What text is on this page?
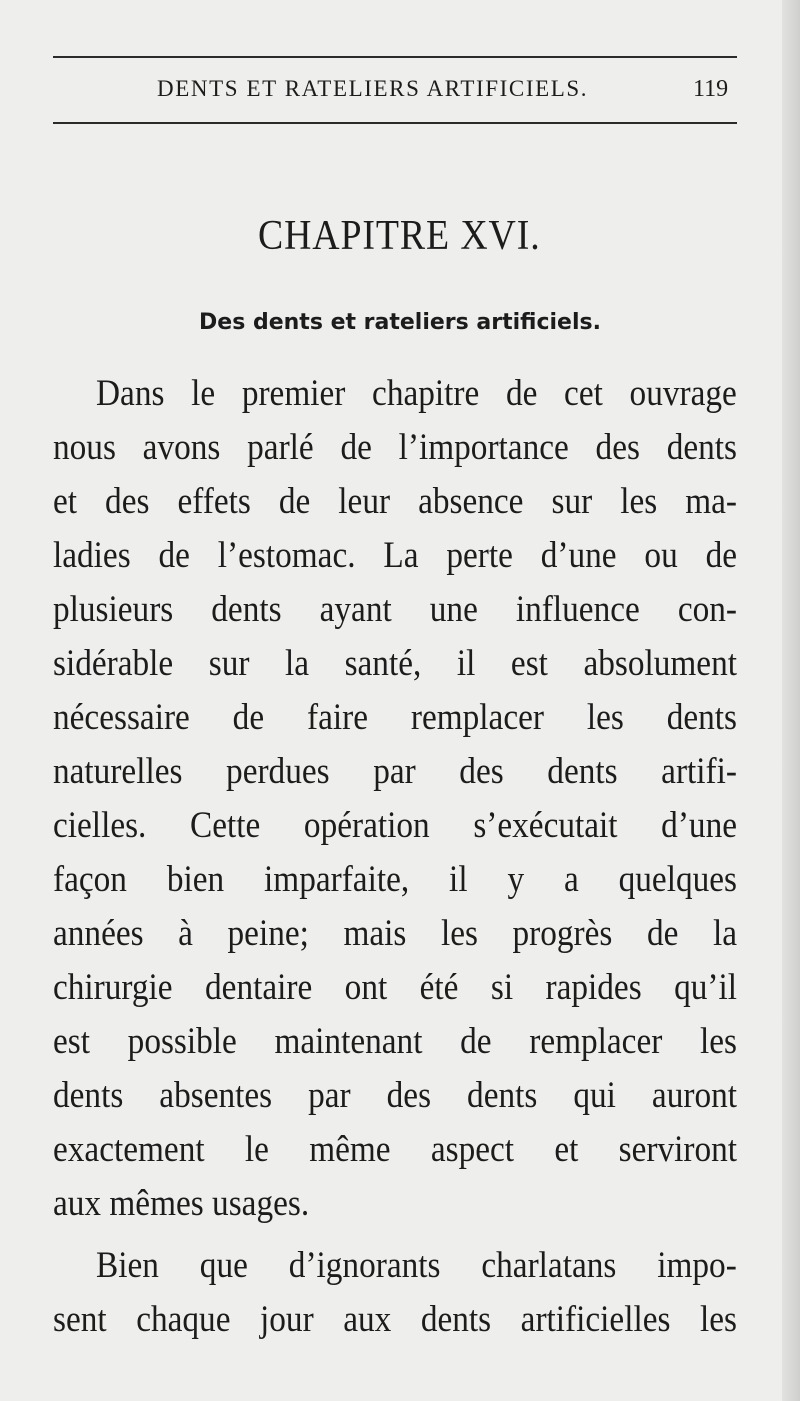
DENTS ET RATELIERS ARTIFICIELS.	119
CHAPITRE XVI.
Des dents et rateliers artificiels.
Dans le premier chapitre de cet ouvrage
nous avons parlé de l’importance des dents
et des effets de leur absence sur les ma-
ladies de l’estomac. La perte d’une ou de
plusieurs dents ayant une influence con-
sidérable sur la santé, il est absolument
nécessaire de faire remplacer les dents
naturelles perdues par des dents artifi-
cielles. Cette opération s’exécutait d’une
façon bien imparfaite, il y a quelques
années à peine; mais les progrès de la
chirurgie dentaire ont été si rapides qu’il
est possible maintenant de remplacer les
dents absentes par des dents qui auront
exactement le même aspect et serviront
aux mêmes usages.
Bien que d’ignorants charlatans impo-
sent chaque jour aux dents artificielles les
